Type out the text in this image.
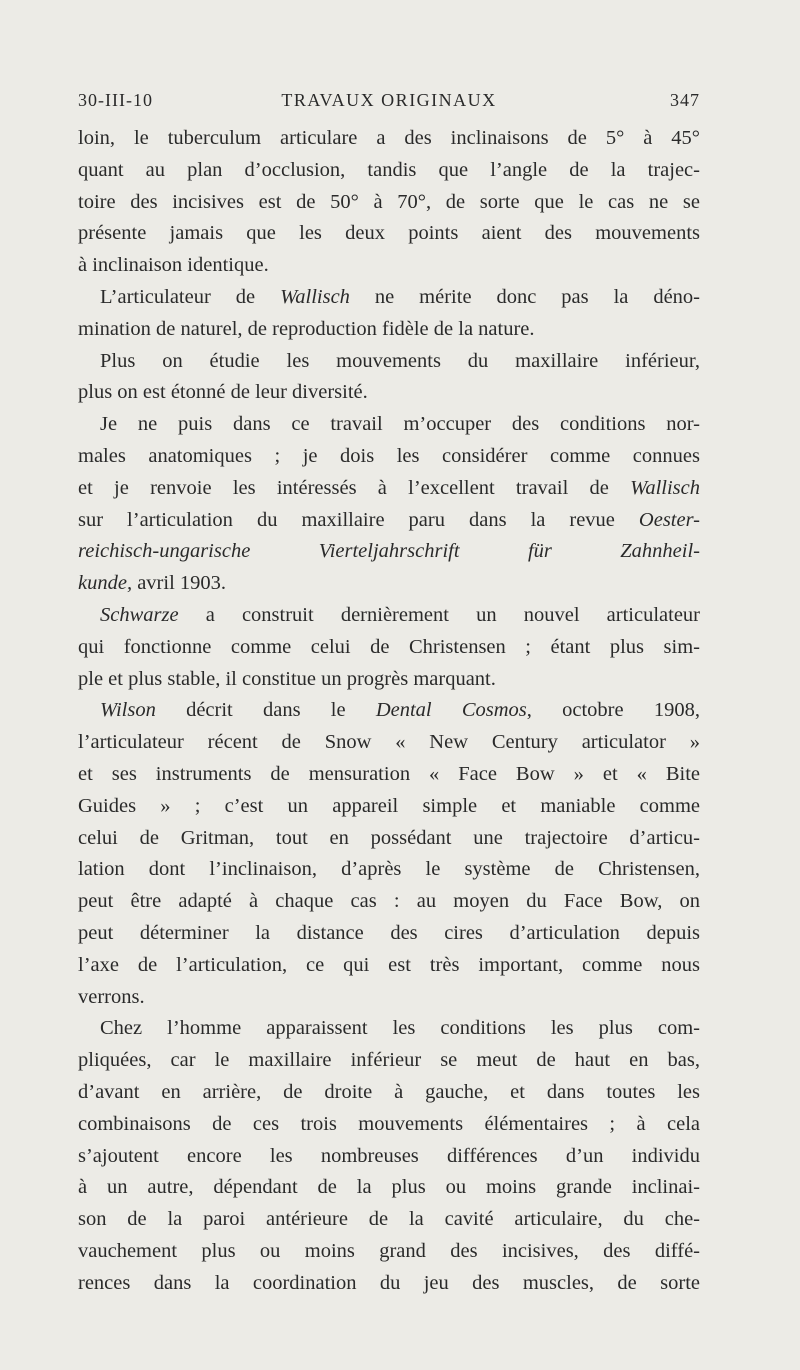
30-III-10	TRAVAUX ORIGINAUX	347
loin, le tuberculum articulare a des inclinaisons de 5° à 45°
quant au plan d’occlusion, tandis que l’angle de la trajec-
toire des incisives est de 50° à 70°, de sorte que le cas ne se
présente jamais que les deux points aient des mouvements
à inclinaison identique.
L’articulateur de Wallisch ne mérite donc pas la déno-
mination de naturel, de reproduction fidèle de la nature.
Plus on étudie les mouvements du maxillaire inférieur,
plus on est étonné de leur diversité.
Je ne puis dans ce travail m’occuper des conditions nor-
males anatomiques ; je dois les considérer comme connues
et je renvoie les intéressés à l’excellent travail de Wallisch
sur l’articulation du maxillaire paru dans la revue Oester-
reichisch-ungarische Vierteljahrschrift für Zahnheil-
kunde, avril 1903.
Schwarze a construit dernièrement un nouvel articulateur
qui fonctionne comme celui de Christensen ; étant plus sim-
ple et plus stable, il constitue un progrès marquant.
Wilson décrit dans le Dental Cosmos, octobre 1908,
l’articulateur récent de Snow « New Century articulator »
et ses instruments de mensuration « Face Bow » et « Bite
Guides » ; c’est un appareil simple et maniable comme
celui de Gritman, tout en possédant une trajectoire d’articu-
lation dont l’inclinaison, d’après le système de Christensen,
peut être adapté à chaque cas : au moyen du Face Bow, on
peut déterminer la distance des cires d’articulation depuis
l’axe de l’articulation, ce qui est très important, comme nous
verrons.
Chez l’homme apparaissent les conditions les plus com-
pliquées, car le maxillaire inférieur se meut de haut en bas,
d’avant en arrière, de droite à gauche, et dans toutes les
combinaisons de ces trois mouvements élémentaires ; à cela
s’ajoutent encore les nombreuses différences d’un individu
à un autre, dépendant de la plus ou moins grande inclinai-
son de la paroi antérieure de la cavité articulaire, du che-
vauchement plus ou moins grand des incisives, des diffé-
rences dans la coordination du jeu des muscles, de sorte
